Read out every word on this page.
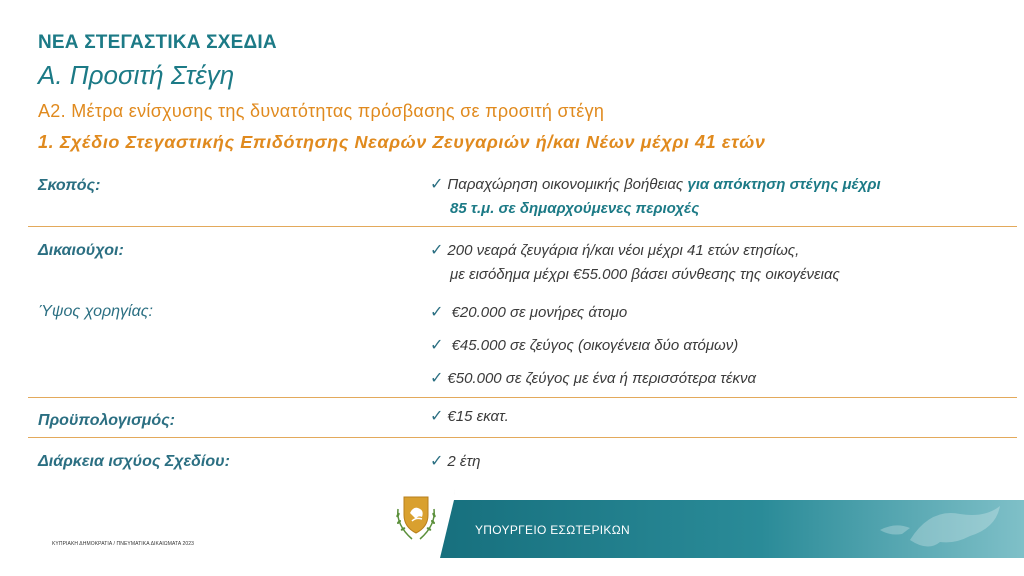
ΝΕΑ ΣΤΕΓΑΣΤΙΚΑ ΣΧΕΔΙΑ
Α. Προσιτή Στέγη
Α2. Μέτρα ενίσχυσης της δυνατότητας πρόσβασης σε προσιτή στέγη
1. Σχέδιο Στεγαστικής Επιδότησης Νεαρών Ζευγαριών ή/και Νέων μέχρι 41 ετών
Σκοπός:	✓ Παραχώρηση οικονομικής βοήθειας για απόκτηση στέγης μέχρι
85 τ.μ. σε δημαρχούμενες περιοχές
Δικαιούχοι:	✓ 200 νεαρά ζευγάρια ή/και νέοι μέχρι 41 ετών ετησίως,
με εισόδημα μέχρι €55.000 βάσει σύνθεσης της οικογένειας
Ύψος χορηγίας:	✓ €20.000 σε μονήρες άτομο
✓ €45.000 σε ζεύγος (οικογένεια δύο ατόμων)
✓ €50.000 σε ζεύγος με ένα ή περισσότερα τέκνα
Προϋπολογισμός:	✓ €15 εκατ.
Διάρκεια ισχύος Σχεδίου:	✓ 2 έτη
ΚΥΠΡΙΑΚΗ ΔΗΜΟΚΡΑΤΙΑ / ΠΝΕΥΜΑΤΙΚΑ ΔΙΚΑΙΩΜΑΤΑ 2023
ΥΠΟΥΡΓΕΙΟ ΕΣΩΤΕΡΙΚΩΝ
